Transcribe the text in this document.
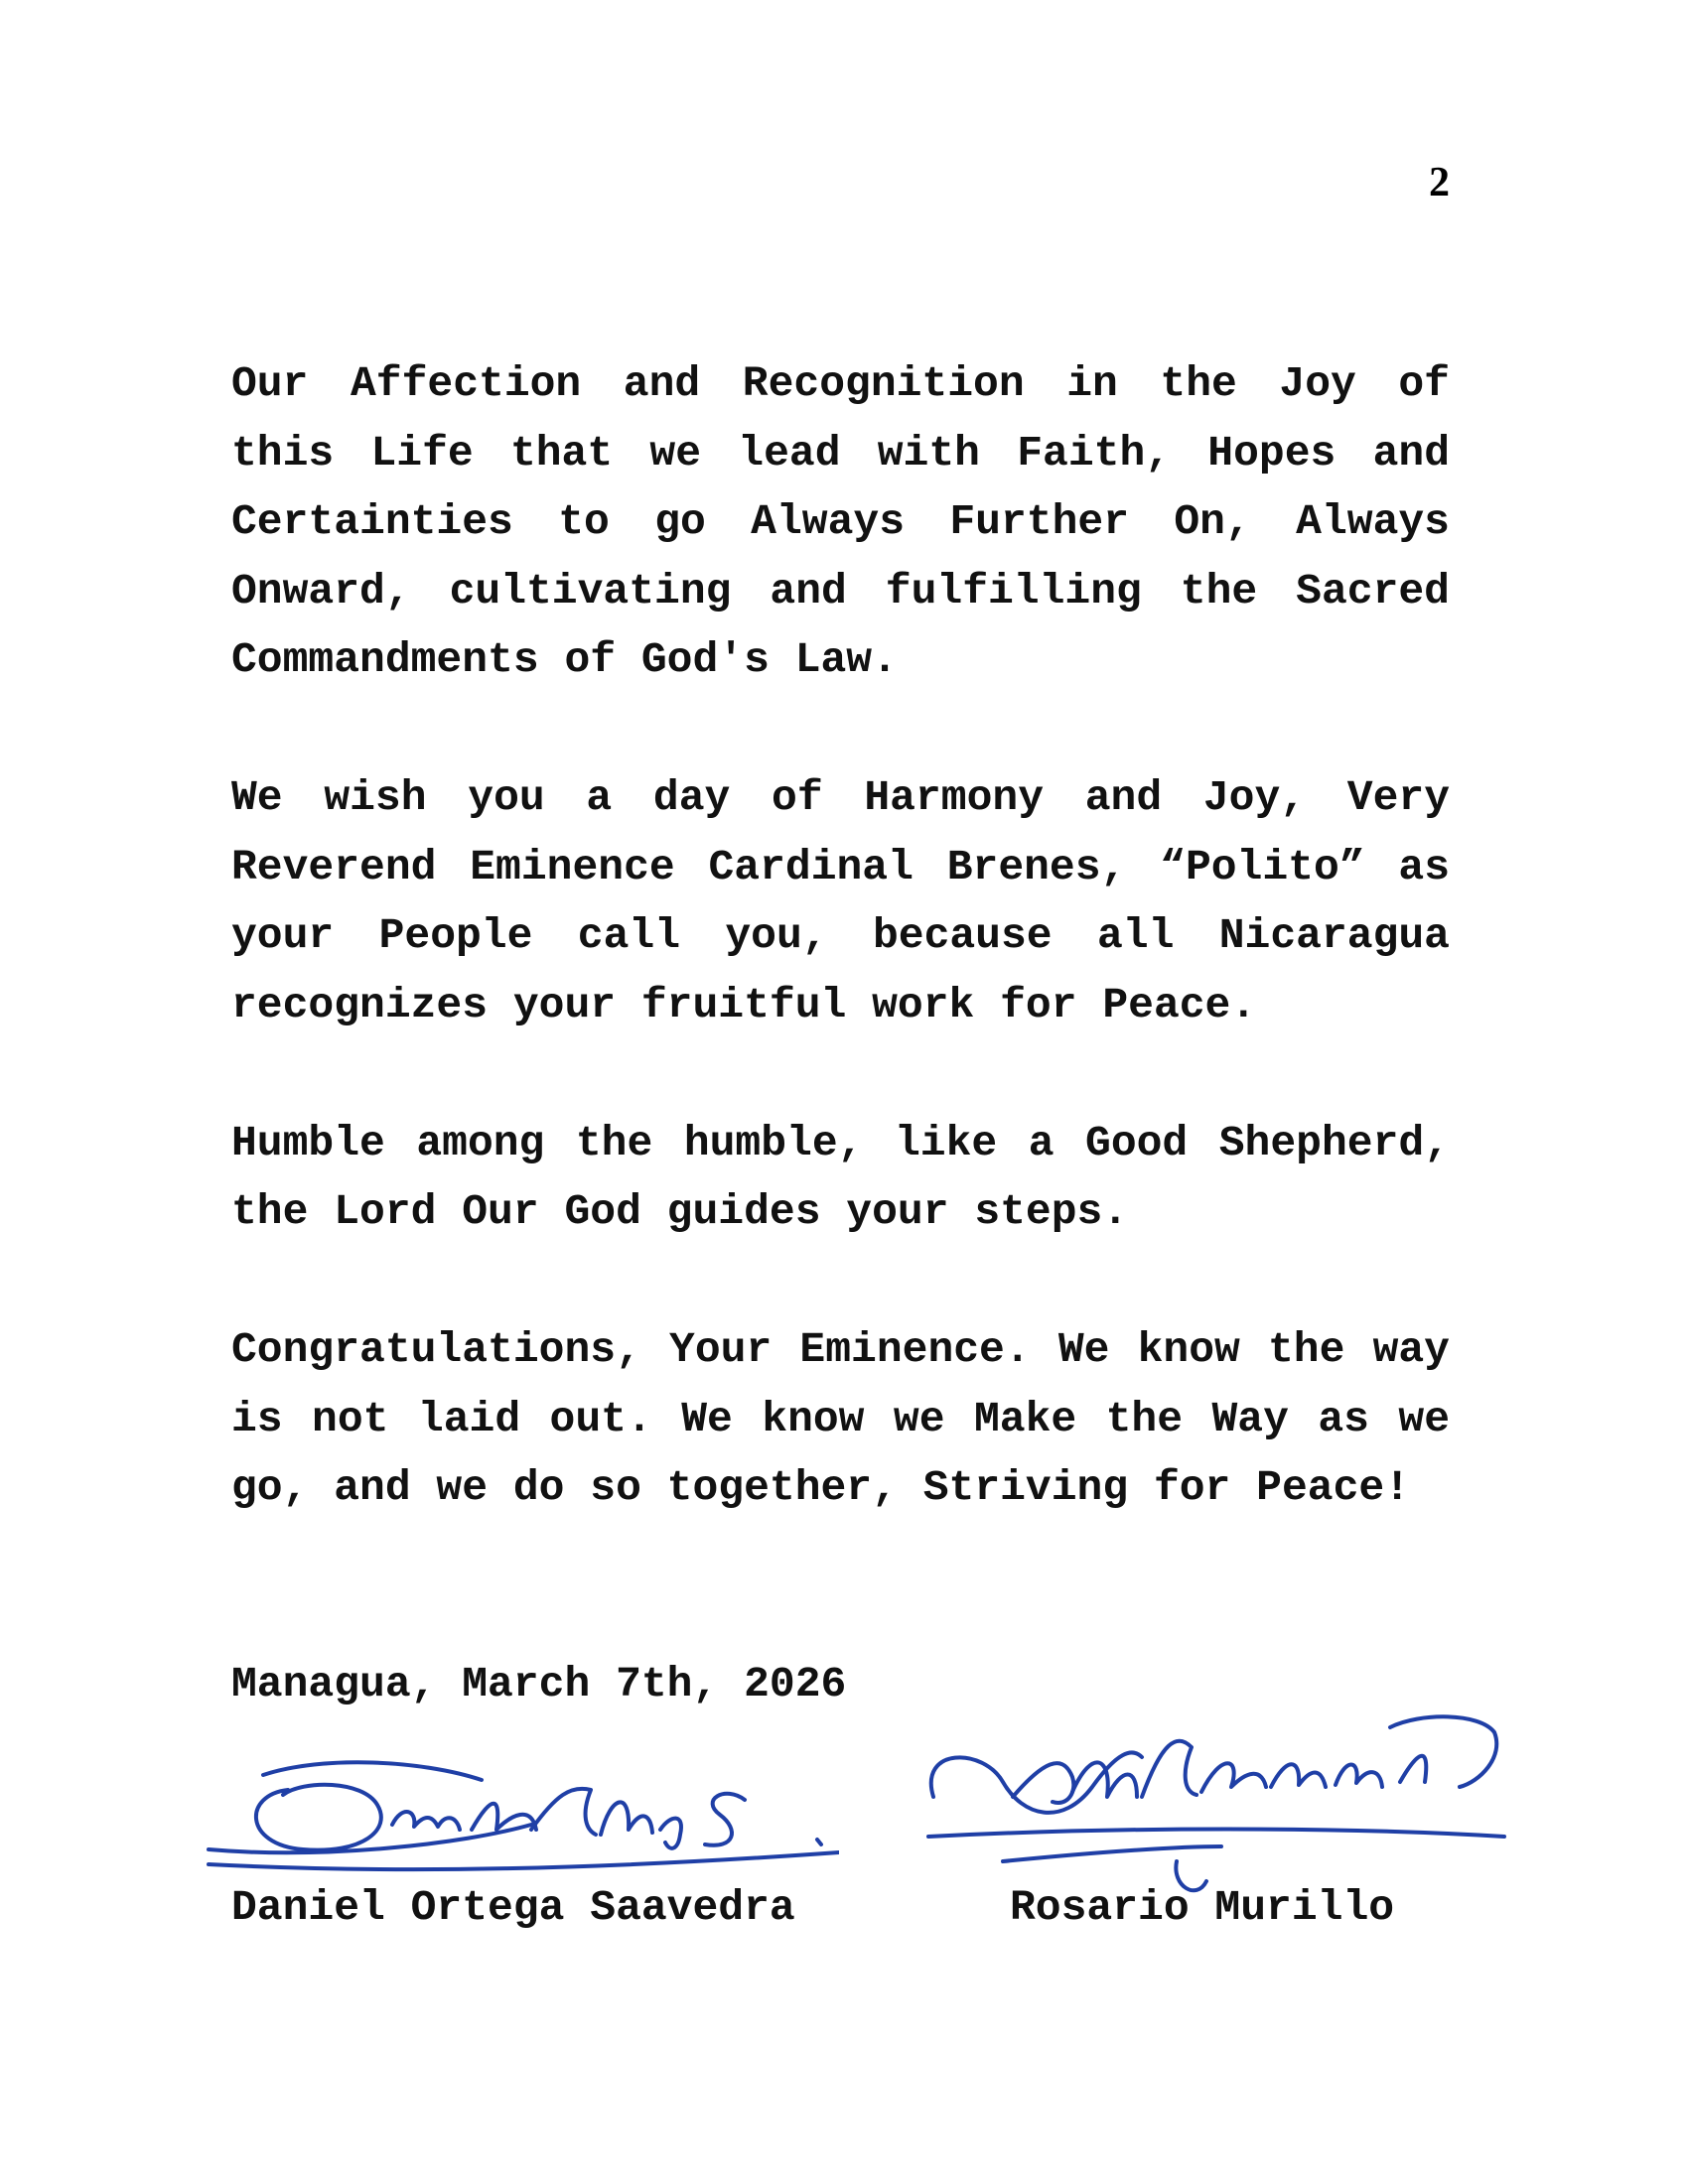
2

Our Affection and Recognition in the Joy of this Life that we lead with Faith, Hopes and Certainties to go Always Further On, Always Onward, cultivating and fulfilling the Sacred Commandments of God's Law.

We wish you a day of Harmony and Joy, Very Reverend Eminence Cardinal Brenes, “Polito” as your People call you, because all Nicaragua recognizes your fruitful work for Peace.

Humble among the humble, like a Good Shepherd, the Lord Our God guides your steps.

Congratulations, Your Eminence. We know the way is not laid out. We know we Make the Way as we go, and we do so together, Striving for Peace!

Managua, March 7th, 2026
Daniel Ortega Saavedra	Rosario Murillo
